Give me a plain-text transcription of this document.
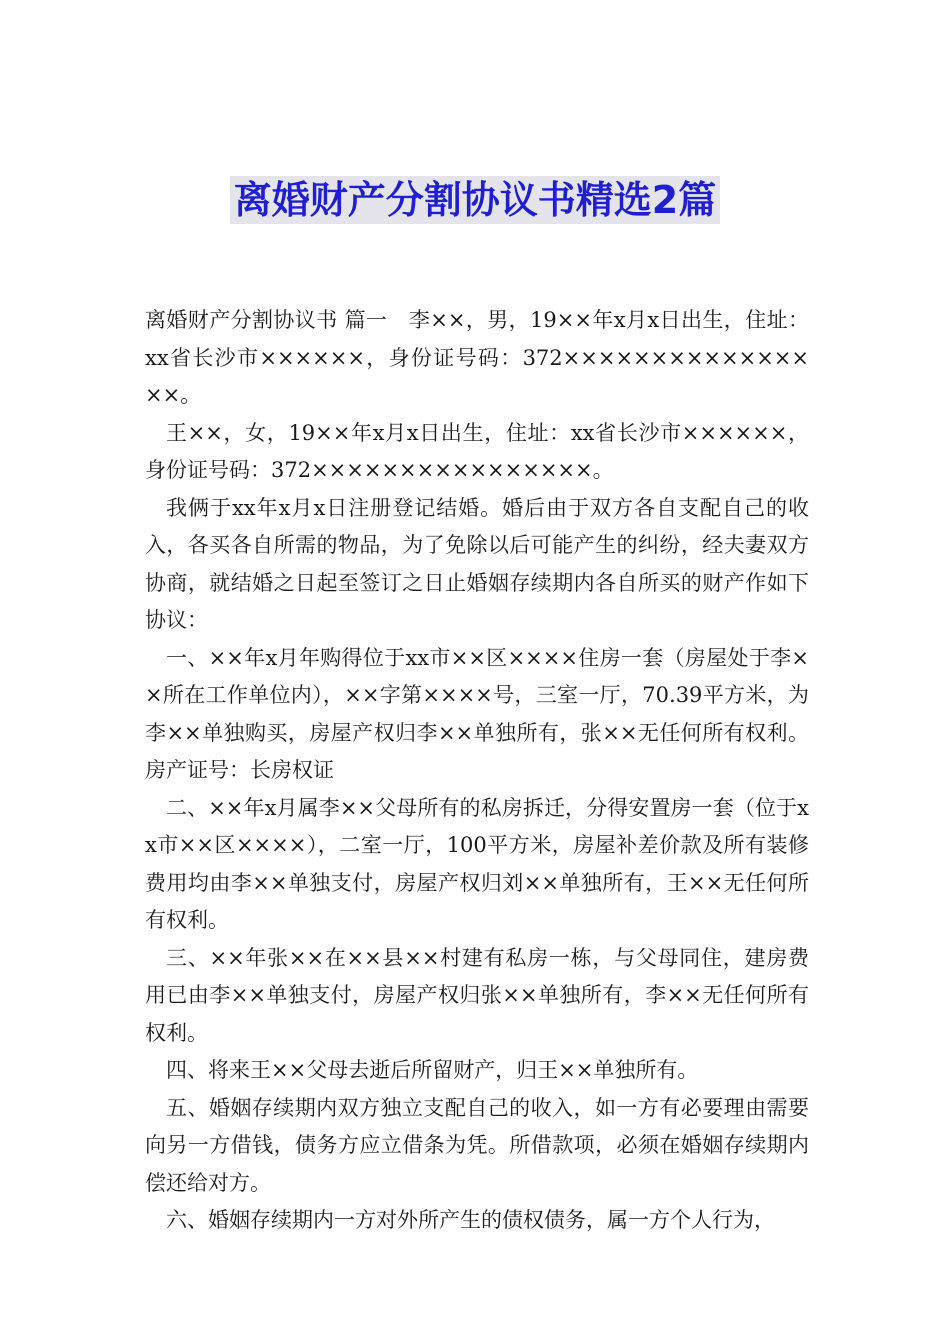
离婚财产分割协议书精选2篇

离婚财产分割协议书 篇一　李××，男，19××年x月x日出生，住址：xx省长沙市××××××，身份证号码：372××××××××××××××××。

王××，女，19××年x月x日出生，住址：xx省长沙市××××××，身份证号码：372××××××××××××××××。

我俩于xx年x月x日注册登记结婚。婚后由于双方各自支配自己的收入，各买各自所需的物品，为了免除以后可能产生的纠纷，经夫妻双方协商，就结婚之日起至签订之日止婚姻存续期内各自所买的财产作如下协议：

一、××年x月年购得位于xx市××区××××住房一套（房屋处于李××所在工作单位内），××字第××××号，三室一厅，70.39平方米，为李××单独购买，房屋产权归李××单独所有，张××无任何所有权利。房产证号：长房权证

二、××年x月属李××父母所有的私房拆迁，分得安置房一套（位于xx市××区××××），二室一厅，100平方米，房屋补差价款及所有装修费用均由李××单独支付，房屋产权归刘××单独所有，王××无任何所有权利。

三、××年张××在××县××村建有私房一栋，与父母同住，建房费用已由李××单独支付，房屋产权归张××单独所有，李××无任何所有权利。

四、将来王××父母去逝后所留财产，归王××单独所有。

五、婚姻存续期内双方独立支配自己的收入，如一方有必要理由需要向另一方借钱，债务方应立借条为凭。所借款项，必须在婚姻存续期内偿还给对方。

六、婚姻存续期内一方对外所产生的债权债务，属一方个人行为，
